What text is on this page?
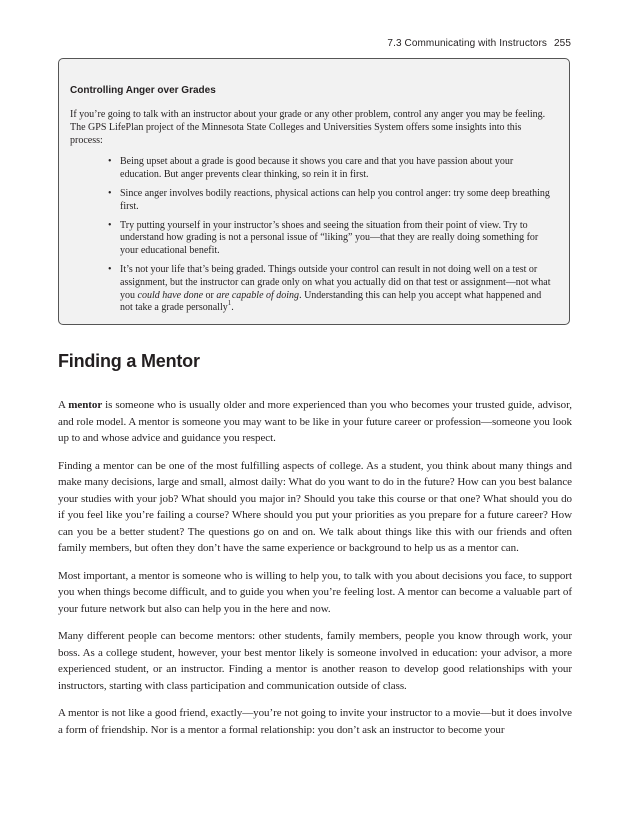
7.3 Communicating with Instructors 255
Controlling Anger over Grades

If you’re going to talk with an instructor about your grade or any other problem, control any anger you may be feeling. The GPS LifePlan project of the Minnesota State Colleges and Universities System offers some insights into this process:

• Being upset about a grade is good because it shows you care and that you have passion about your education. But anger prevents clear thinking, so rein it in first.
• Since anger involves bodily reactions, physical actions can help you control anger: try some deep breathing first.
• Try putting yourself in your instructor’s shoes and seeing the situation from their point of view. Try to understand how grading is not a personal issue of “liking” you—that they are really doing something for your educational benefit.
• It’s not your life that’s being graded. Things outside your control can result in not doing well on a test or assignment, but the instructor can grade only on what you actually did on that test or assignment—not what you could have done or are capable of doing. Understanding this can help you accept what happened and not take a grade personally$^1$.
Finding a Mentor

A mentor is someone who is usually older and more experienced than you who becomes your trusted guide, advisor, and role model. A mentor is someone you may want to be like in your future career or profession—someone you look up to and whose advice and guidance you respect.

Finding a mentor can be one of the most fulfilling aspects of college. As a student, you think about many things and make many decisions, large and small, almost daily: What do you want to do in the future? How can you best balance your studies with your job? What should you major in? Should you take this course or that one? What should you do if you feel like you’re failing a course? Where should you put your priorities as you prepare for a future career? How can you be a better student? The questions go on and on. We talk about things like this with our friends and often family members, but often they don’t have the same experience or background to help us as a mentor can.

Most important, a mentor is someone who is willing to help you, to talk with you about decisions you face, to support you when things become difficult, and to guide you when you’re feeling lost. A mentor can become a valuable part of your future network but also can help you in the here and now.

Many different people can become mentors: other students, family members, people you know through work, your boss. As a college student, however, your best mentor likely is someone involved in education: your advisor, a more experienced student, or an instructor. Finding a mentor is another reason to develop good relationships with your instructors, starting with class participation and communication outside of class.

A mentor is not like a good friend, exactly—you’re not going to invite your instructor to a movie—but it does involve a form of friendship. Nor is a mentor a formal relationship: you don’t ask an instructor to become your
